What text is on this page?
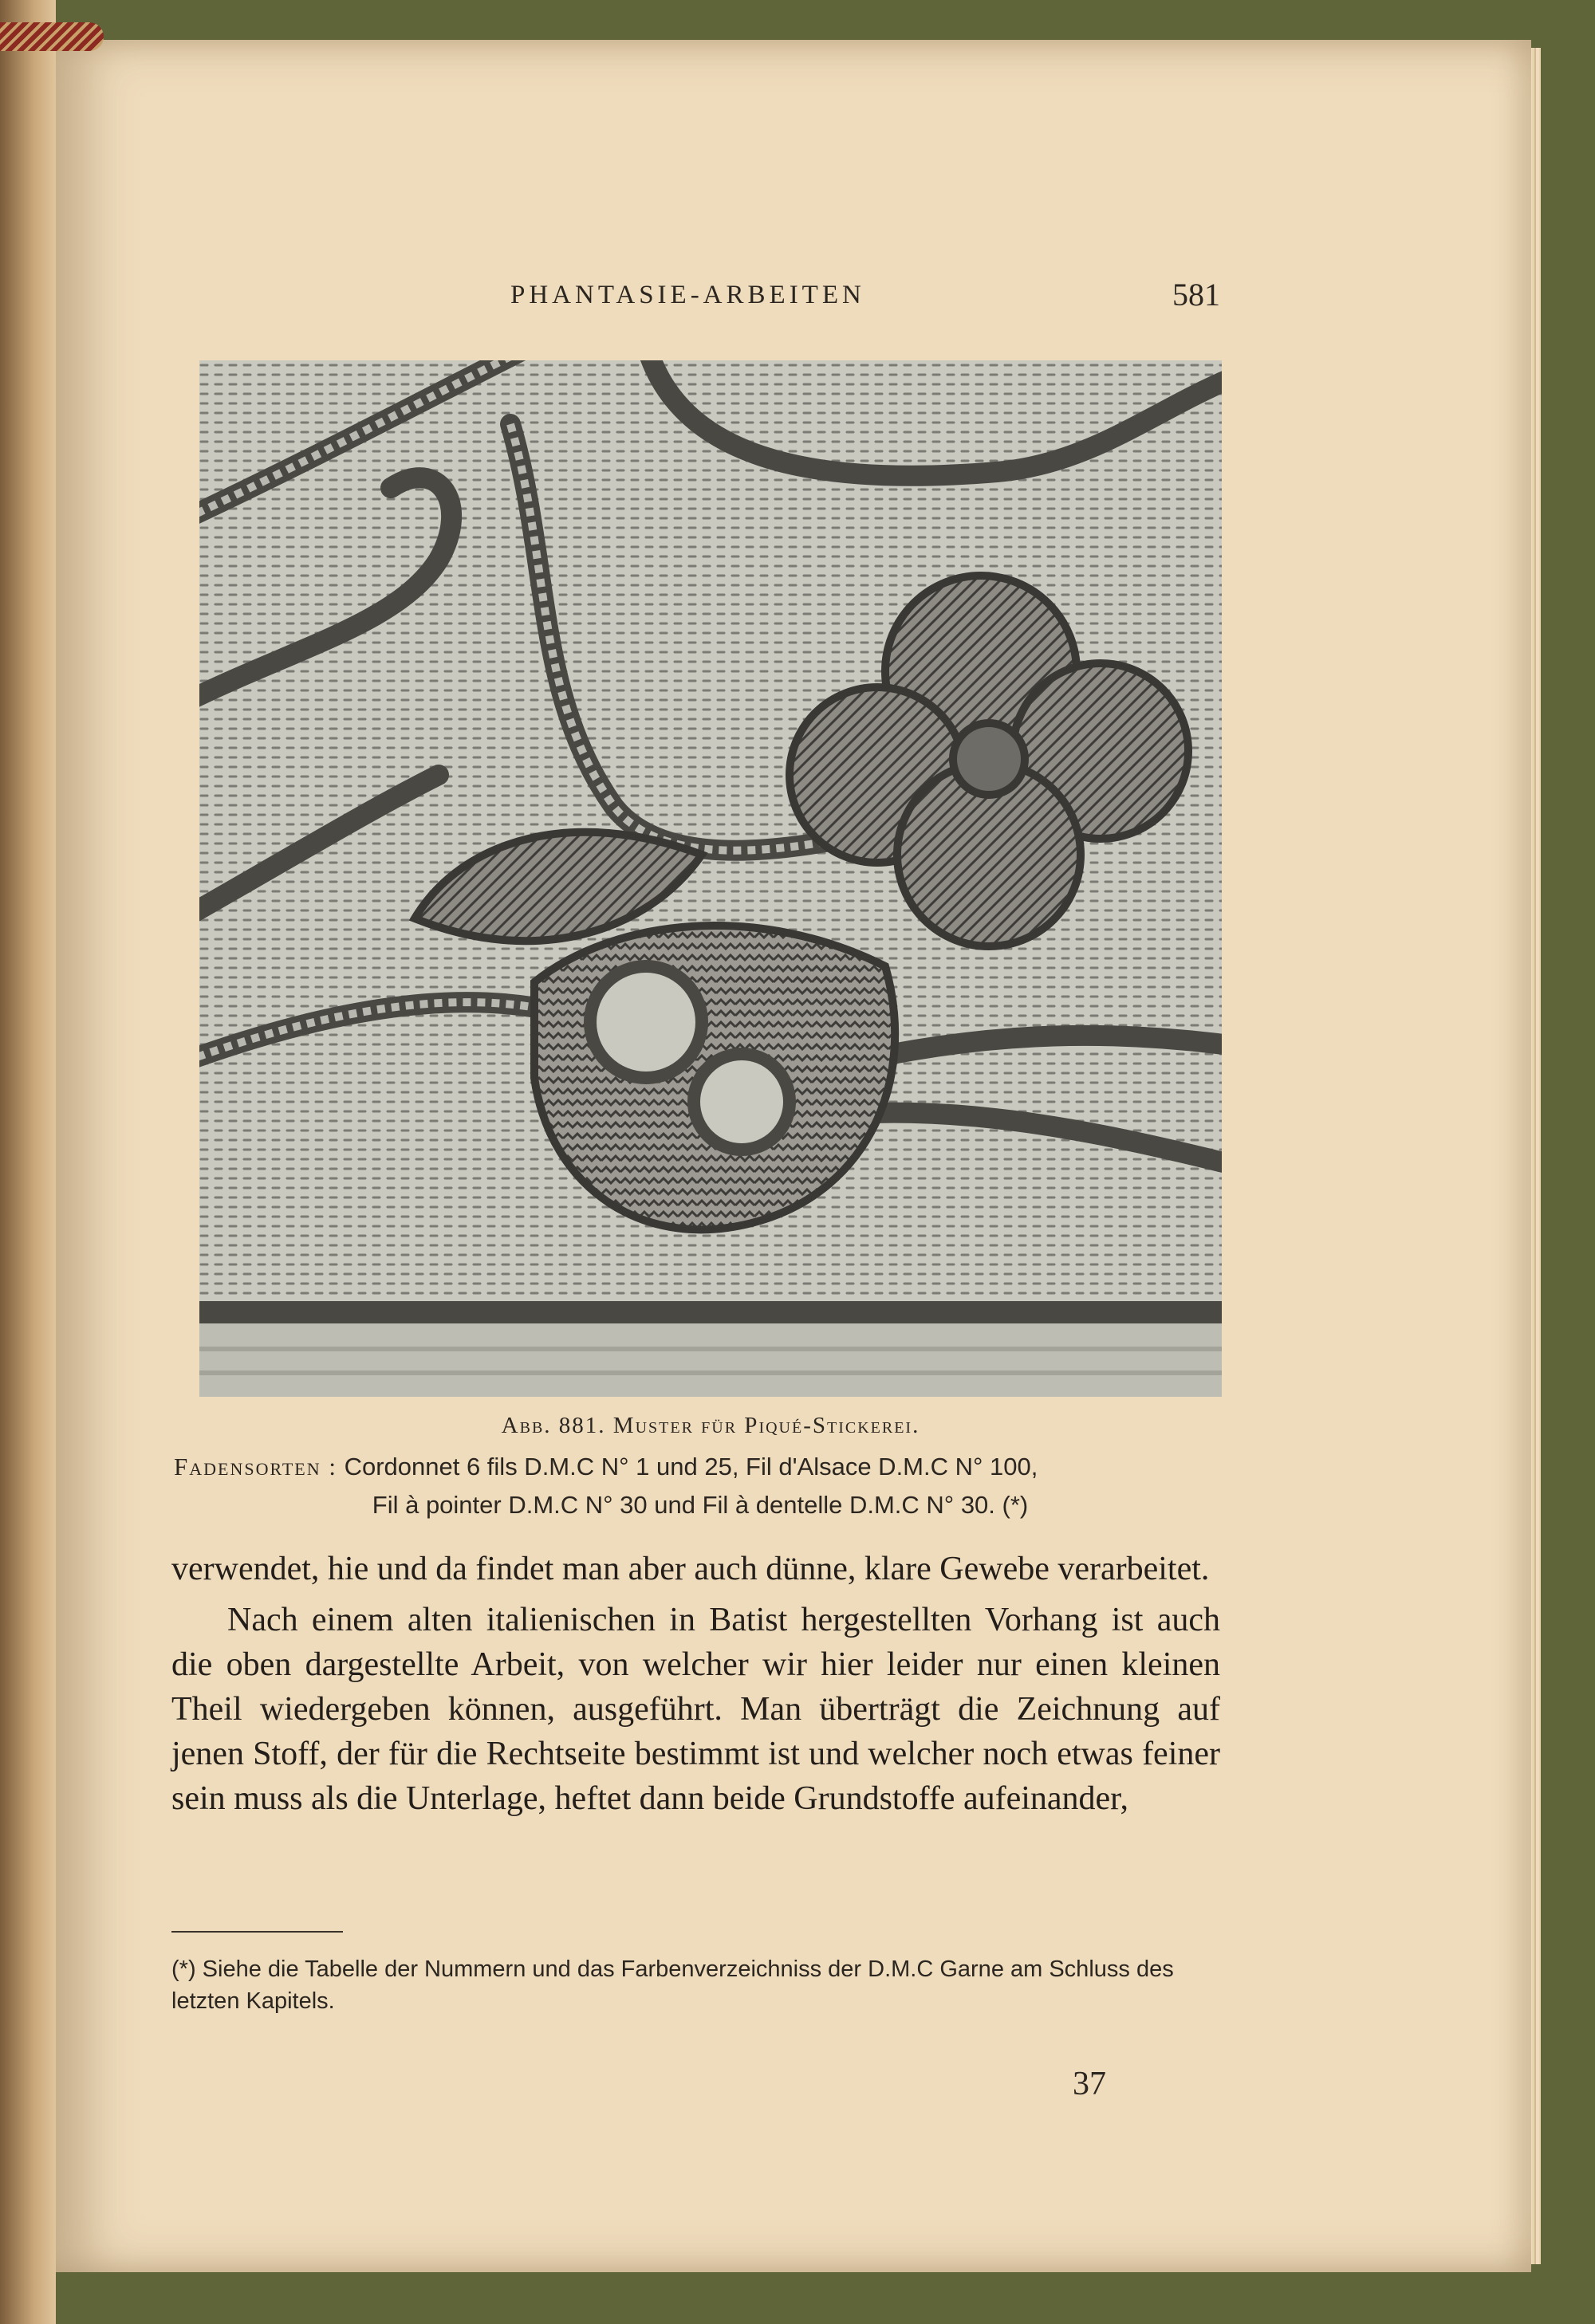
PHANTASIE-ARBEITEN	581
Abb. 881. Muster für Piqué-Stickerei.
Fadensorten : Cordonnet 6 fils D.M.C N° 1 und 25, Fil d'Alsace D.M.C N° 100,
Fil à pointer D.M.C N° 30 und Fil à dentelle D.M.C N° 30. (*)

verwendet, hie und da findet man aber auch dünne, klare Gewebe verarbeitet.

Nach einem alten italienischen in Batist hergestellten Vorhang ist auch die oben dargestellte Arbeit, von welcher wir hier leider nur einen kleinen Theil wiedergeben können, ausgeführt. Man überträgt die Zeichnung auf jenen Stoff, der für die Rechtseite bestimmt ist und welcher noch etwas feiner sein muss als die Unterlage, heftet dann beide Grundstoffe aufeinander,

(*) Siehe die Tabelle der Nummern und das Farbenverzeichniss der D.M.C Garne am Schluss des letzten Kapitels.
37
